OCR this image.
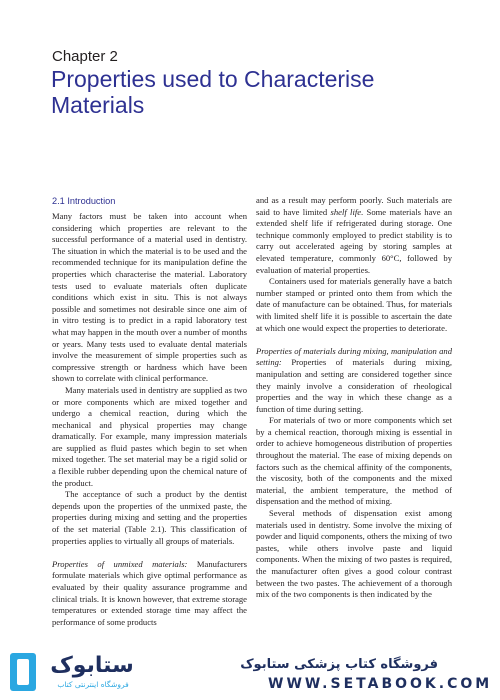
Chapter 2
Properties used to Characterise Materials
2.1 Introduction

Many factors must be taken into account when considering which properties are relevant to the successful performance of a material used in dentistry. The situation in which the material is to be used and the recommended technique for its manipulation define the properties which characterise the material. Laboratory tests used to evaluate materials often duplicate conditions which exist in situ. This is not always possible and sometimes not desirable since one aim of in vitro testing is to predict in a rapid laboratory test what may happen in the mouth over a number of months or years. Many tests used to evaluate dental materials involve the measurement of simple properties such as compressive strength or hardness which have been shown to correlate with clinical performance.

Many materials used in dentistry are supplied as two or more components which are mixed together and undergo a chemical reaction, during which the mechanical and physical properties may change dramatically. For example, many impression materials are supplied as fluid pastes which begin to set when mixed together. The set material may be a rigid solid or a flexible rubber depending upon the chemical nature of the product.

The acceptance of such a product by the dentist depends upon the properties of the unmixed paste, the properties during mixing and setting and the properties of the set material (Table 2.1). This classification of properties applies to virtually all groups of materials.

Properties of unmixed materials: Manufacturers formulate materials which give optimal performance as evaluated by their quality assurance programme and clinical trials. It is known however, that extreme storage temperatures or extended storage time may affect the performance of some products

and as a result may perform poorly. Such materials are said to have limited shelf life. Some materials have an extended shelf life if refrigerated during storage. One technique commonly employed to predict stability is to carry out accelerated ageing by storing samples at elevated temperature, commonly 60°C, followed by evaluation of material properties.

Containers used for materials generally have a batch number stamped or printed onto them from which the date of manufacture can be obtained. Thus, for materials with limited shelf life it is possible to ascertain the date at which one would expect the properties to deteriorate.

Properties of materials during mixing, manipulation and setting: Properties of materials during mixing, manipulation and setting are considered together since they mainly involve a consideration of rheological properties and the way in which these change as a function of time during setting.

For materials of two or more components which set by a chemical reaction, thorough mixing is essential in order to achieve homogeneous distribution of properties throughout the material. The ease of mixing depends on factors such as the chemical affinity of the components, the viscosity, both of the components and the mixed material, the ambient temperature, the method of dispensation and the method of mixing.

Several methods of dispensation exist among materials used in dentistry. Some involve the mixing of powder and liquid components, others the mixing of two pastes, while others involve paste and liquid components. When the mixing of two pastes is required, the manufacturer often gives a good colour contrast between the two pastes. The achievement of a thorough mix of the two components is then indicated by the

ستابوک
فروشگاه اینترنتی کتاب
فروشگاه کتاب پزشکی ستابوک
WWW.SETABOOK.COM
